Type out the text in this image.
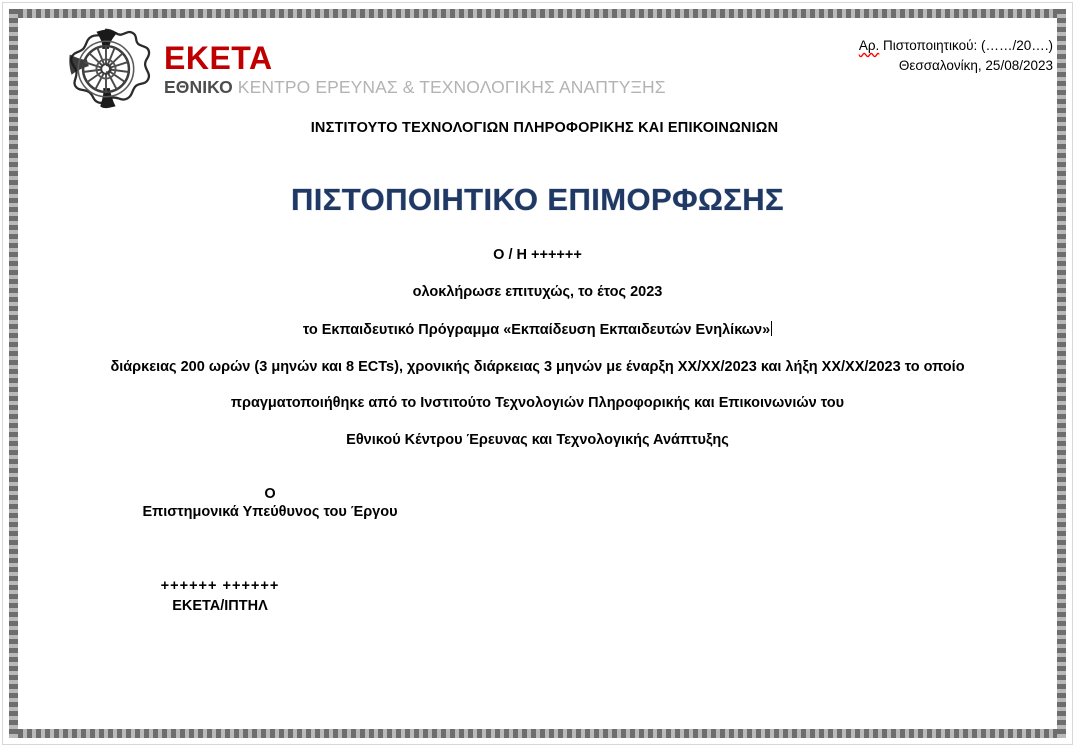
ΕΚΕΤΑ
ΕΘΝΙΚΟ ΚΕΝΤΡΟ ΕΡΕΥΝΑΣ & ΤΕΧΝΟΛΟΓΙΚΗΣ ΑΝΑΠΤΥΞΗΣ
Αρ. Πιστοποιητικού: (……/20….)
Θεσσαλονίκη, 25/08/2023
ΙΝΣΤΙΤΟΥΤΟ ΤΕΧΝΟΛΟΓΙΩΝ ΠΛΗΡΟΦΟΡΙΚΗΣ ΚΑΙ ΕΠΙΚΟΙΝΩΝΙΩΝ
ΠΙΣΤΟΠΟΙΗΤΙΚΟ ΕΠΙΜΟΡΦΩΣΗΣ
Ο / Η ++++++
ολοκλήρωσε επιτυχώς, το έτος 2023
το Εκπαιδευτικό Πρόγραμμα «Εκπαίδευση Εκπαιδευτών Ενηλίκων»
διάρκειας 200 ωρών (3 μηνών και 8 ECTs), χρονικής διάρκειας 3 μηνών με έναρξη ΧΧ/ΧΧ/2023 και λήξη ΧΧ/ΧΧ/2023 το οποίο
πραγματοποιήθηκε από το Ινστιτούτο Τεχνολογιών Πληροφορικής και Επικοινωνιών του
Εθνικού Κέντρου Έρευνας και Τεχνολογικής Ανάπτυξης
Ο
Επιστημονικά Υπεύθυνος του Έργου
++++++ ++++++
ΕΚΕΤΑ/ΙΠΤΗΛ
